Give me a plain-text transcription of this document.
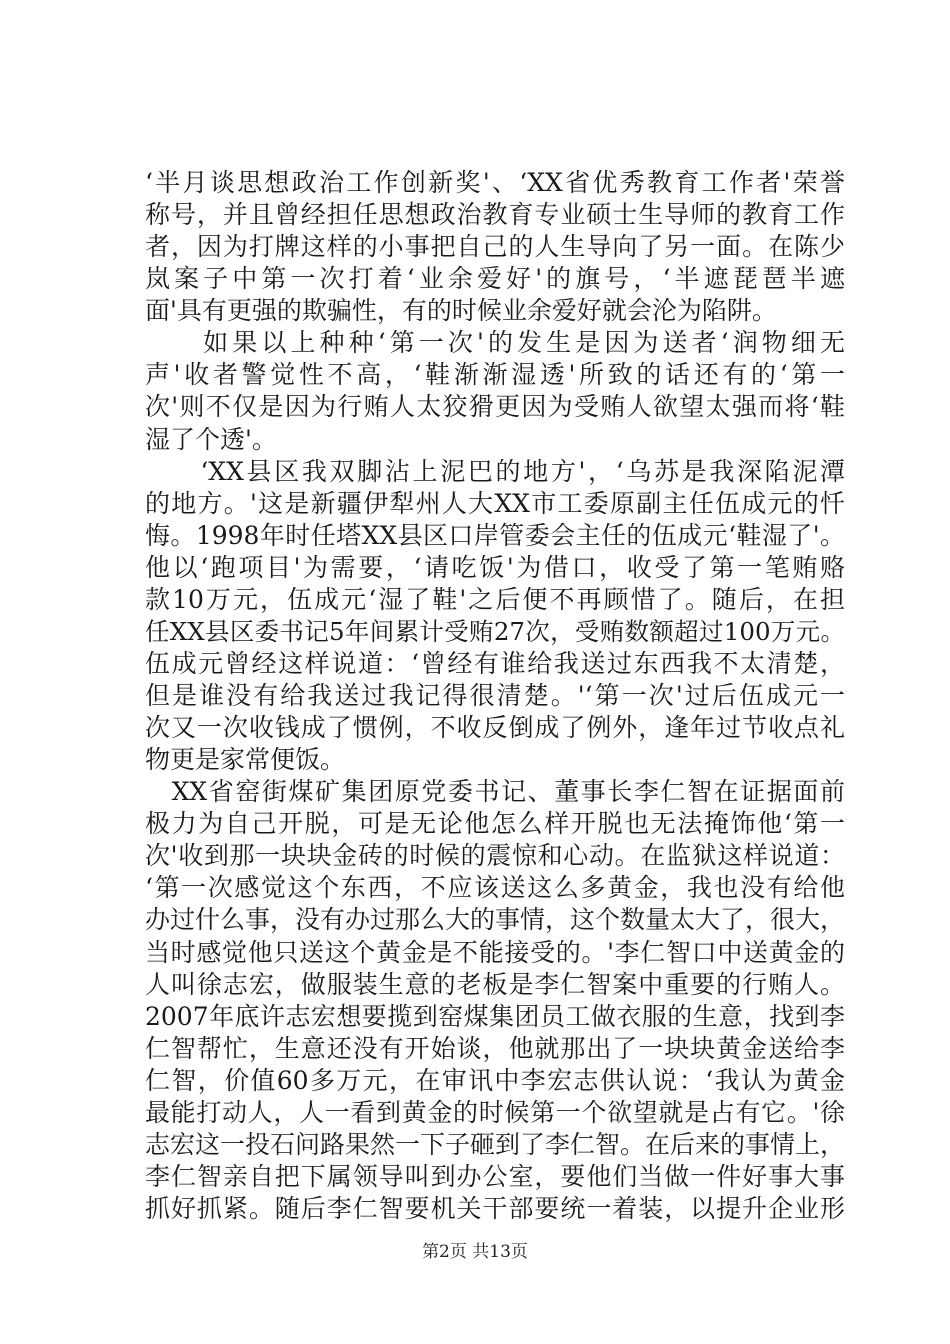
‘半月谈思想政治工作创新奖'、‘XX省优秀教育工作者'荣誉
称号，并且曾经担任思想政治教育专业硕士生导师的教育工作
者，因为打牌这样的小事把自己的人生导向了另一面。在陈少
岚案子中第一次打着‘业余爱好'的旗号，‘半遮琵琶半遮
面'具有更强的欺骗性，有的时候业余爱好就会沦为陷阱。
　　如果以上种种‘第一次'的发生是因为送者‘润物细无
声'收者警觉性不高，‘鞋渐渐湿透'所致的话还有的‘第一
次'则不仅是因为行贿人太狡猾更因为受贿人欲望太强而将‘鞋
湿了个透'。
　　‘XX县区我双脚沾上泥巴的地方'，‘乌苏是我深陷泥潭
的地方。'这是新疆伊犁州人大XX市工委原副主任伍成元的忏
悔。1998年时任塔XX县区口岸管委会主任的伍成元‘鞋湿了'。
他以‘跑项目'为需要，‘请吃饭'为借口，收受了第一笔贿赂
款10万元，伍成元‘湿了鞋'之后便不再顾惜了。随后，在担
任XX县区委书记5年间累计受贿27次，受贿数额超过100万元。
伍成元曾经这样说道：‘曾经有谁给我送过东西我不太清楚，
但是谁没有给我送过我记得很清楚。'‘第一次'过后伍成元一
次又一次收钱成了惯例，不收反倒成了例外，逢年过节收点礼
物更是家常便饭。
　XX省窑街煤矿集团原党委书记、董事长李仁智在证据面前
极力为自己开脱，可是无论他怎么样开脱也无法掩饰他‘第一
次'收到那一块块金砖的时候的震惊和心动。在监狱这样说道：
‘第一次感觉这个东西，不应该送这么多黄金，我也没有给他
办过什么事，没有办过那么大的事情，这个数量太大了，很大，
当时感觉他只送这个黄金是不能接受的。'李仁智口中送黄金的
人叫徐志宏，做服装生意的老板是李仁智案中重要的行贿人。
2007年底许志宏想要揽到窑煤集团员工做衣服的生意，找到李
仁智帮忙，生意还没有开始谈，他就那出了一块块黄金送给李
仁智，价值60多万元，在审讯中李宏志供认说：‘我认为黄金
最能打动人，人一看到黄金的时候第一个欲望就是占有它。'徐
志宏这一投石问路果然一下子砸到了李仁智。在后来的事情上，
李仁智亲自把下属领导叫到办公室，要他们当做一件好事大事
抓好抓紧。随后李仁智要机关干部要统一着装，以提升企业形
第2页 共13页
